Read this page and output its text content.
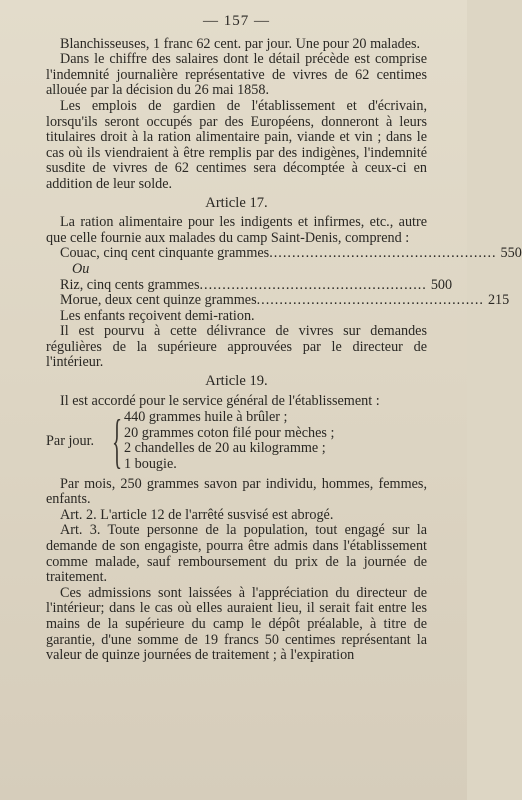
— 157 —

Blanchisseuses, 1 franc 62 cent. par jour. Une pour 20 malades.

Dans le chiffre des salaires dont le détail précède est comprise l'indemnité journalière représentative de vivres de 62 centimes allouée par la décision du 26 mai 1858.

Les emplois de gardien de l'établissement et d'écrivain, lorsqu'ils seront occupés par des Européens, donneront à leurs titulaires droit à la ration alimentaire pain, viande et vin ; dans le cas où ils viendraient à être remplis par des indigènes, l'indemnité susdite de vivres de 62 centimes sera décomptée à ceux-ci en addition de leur solde.

Article 17.

La ration alimentaire pour les indigents et infirmes, etc., autre que celle fournie aux malades du camp Saint-Denis, comprend :

Couac, cinq cent cinquante grammes .................................................. 550
Ou
Riz, cinq cents grammes .................................................. 500
Morue, deux cent quinze grammes .................................................. 215

Les enfants reçoivent demi-ration.

Il est pourvu à cette délivrance de vivres sur demandes régulières de la supérieure approuvées par le directeur de l'intérieur.

Article 19.

Il est accordé pour le service général de l'établissement :

Par jour. { 440 grammes huile à brûler ;
20 grammes coton filé pour mèches ;
2 chandelles de 20 au kilogramme ;
1 bougie.

Par mois, 250 grammes savon par individu, hommes, femmes, enfants.

Art. 2. L'article 12 de l'arrêté susvisé est abrogé.

Art. 3. Toute personne de la population, tout engagé sur la demande de son engagiste, pourra être admis dans l'établissement comme malade, sauf remboursement du prix de la journée de traitement.

Ces admissions sont laissées à l'appréciation du directeur de l'intérieur; dans le cas où elles auraient lieu, il serait fait entre les mains de la supérieure du camp le dépôt préalable, à titre de garantie, d'une somme de 19 francs 50 centimes représentant la valeur de quinze journées de traitement ; à l'expiration
